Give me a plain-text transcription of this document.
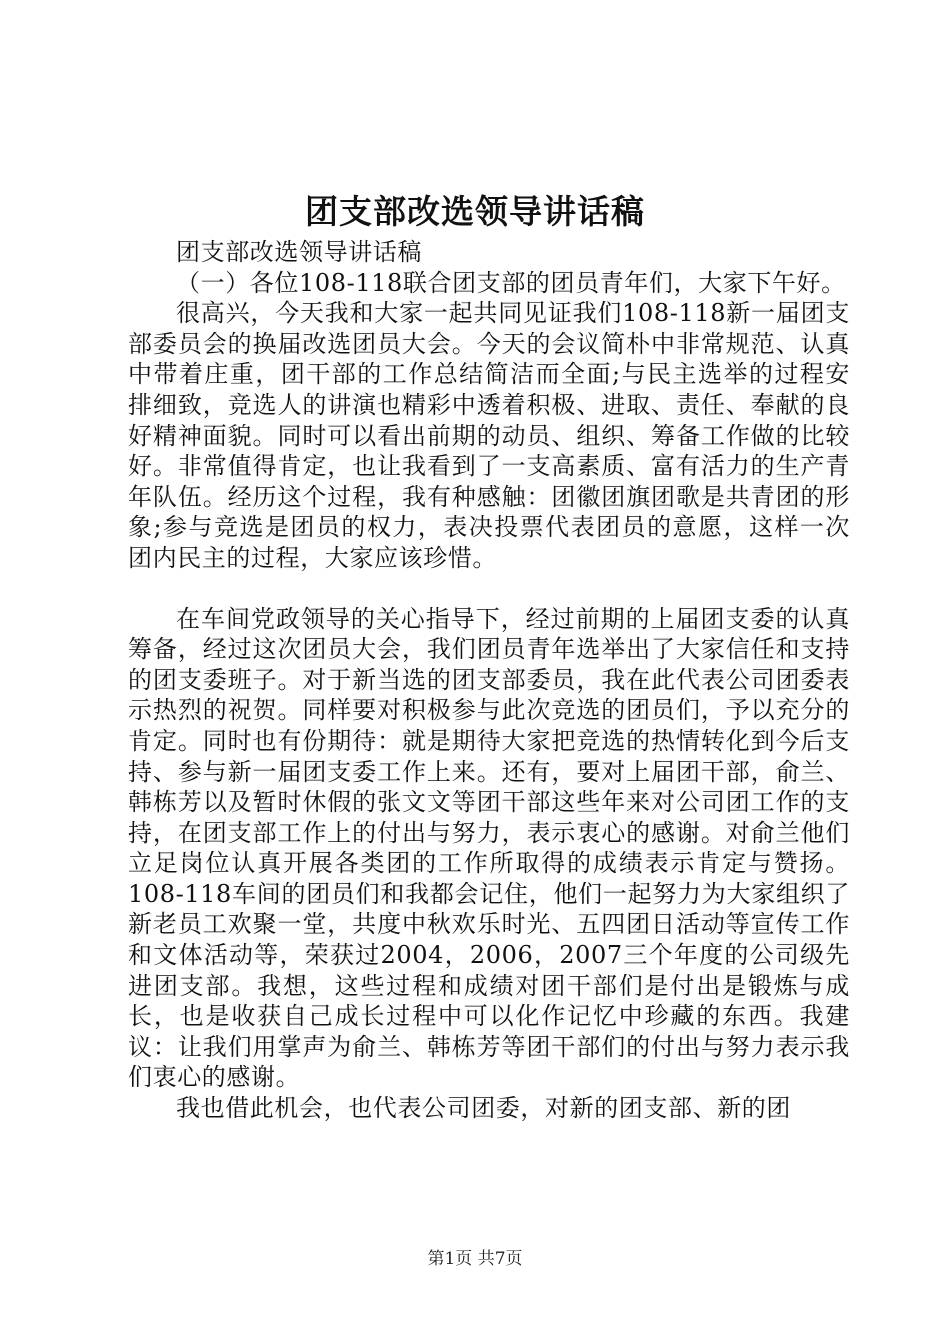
团支部改选领导讲话稿

团支部改选领导讲话稿

（一）各位108-118联合团支部的团员青年们，大家下午好。

很高兴，今天我和大家一起共同见证我们108-118新一届团支部委员会的换届改选团员大会。今天的会议简朴中非常规范、认真中带着庄重，团干部的工作总结简洁而全面;与民主选举的过程安排细致，竞选人的讲演也精彩中透着积极、进取、责任、奉献的良好精神面貌。同时可以看出前期的动员、组织、筹备工作做的比较好。非常值得肯定，也让我看到了一支高素质、富有活力的生产青年队伍。经历这个过程，我有种感触：团徽团旗团歌是共青团的形象;参与竞选是团员的权力，表决投票代表团员的意愿，这样一次团内民主的过程，大家应该珍惜。

在车间党政领导的关心指导下，经过前期的上届团支委的认真筹备，经过这次团员大会，我们团员青年选举出了大家信任和支持的团支委班子。对于新当选的团支部委员，我在此代表公司团委表示热烈的祝贺。同样要对积极参与此次竞选的团员们，予以充分的肯定。同时也有份期待：就是期待大家把竞选的热情转化到今后支持、参与新一届团支委工作上来。还有，要对上届团干部，俞兰、韩栋芳以及暂时休假的张文文等团干部这些年来对公司团工作的支持，在团支部工作上的付出与努力，表示衷心的感谢。对俞兰他们立足岗位认真开展各类团的工作所取得的成绩表示肯定与赞扬。108-118车间的团员们和我都会记住，他们一起努力为大家组织了新老员工欢聚一堂，共度中秋欢乐时光、五四团日活动等宣传工作和文体活动等，荣获过2004，2006，2007三个年度的公司级先进团支部。我想，这些过程和成绩对团干部们是付出是锻炼与成长，也是收获自己成长过程中可以化作记忆中珍藏的东西。我建议：让我们用掌声为俞兰、韩栋芳等团干部们的付出与努力表示我们衷心的感谢。

我也借此机会，也代表公司团委，对新的团支部、新的团

第1页 共7页
